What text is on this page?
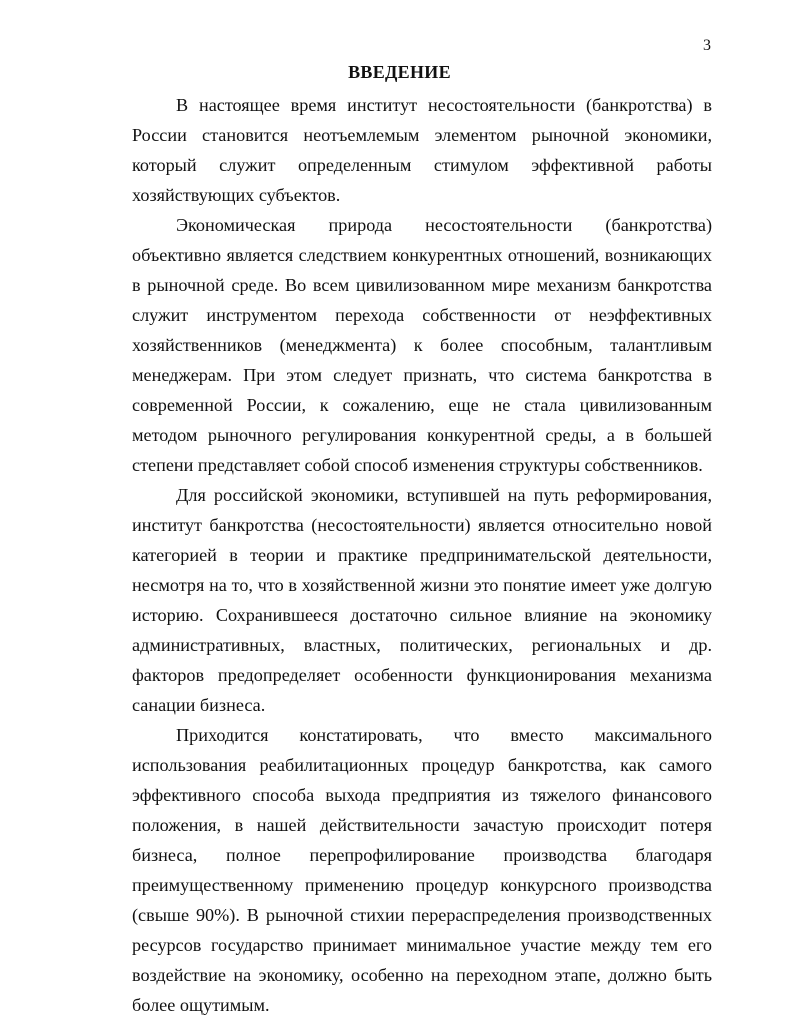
3
ВВЕДЕНИЕ

В настоящее время институт несостоятельности (банкротства) в России становится неотъемлемым элементом рыночной экономики, который служит определенным стимулом эффективной работы хозяйствующих субъектов.

Экономическая природа несостоятельности (банкротства) объективно является следствием конкурентных отношений, возникающих в рыночной среде. Во всем цивилизованном мире механизм банкротства служит инструментом перехода собственности от неэффективных хозяйственников (менеджмента) к более способным, талантливым менеджерам. При этом следует признать, что система банкротства в современной России, к сожалению, еще не стала цивилизованным методом рыночного регулирования конкурентной среды, а в большей степени представляет собой способ изменения структуры собственников.

Для российской экономики, вступившей на путь реформирования, институт банкротства (несостоятельности) является относительно новой категорией в теории и практике предпринимательской деятельности, несмотря на то, что в хозяйственной жизни это понятие имеет уже долгую историю. Сохранившееся достаточно сильное влияние на экономику административных, властных, политических, региональных и др. факторов предопределяет особенности функционирования механизма санации бизнеса.

Приходится констатировать, что вместо максимального использования реабилитационных процедур банкротства, как самого эффективного способа выхода предприятия из тяжелого финансового положения, в нашей действительности зачастую происходит потеря бизнеса, полное перепрофилирование производства благодаря преимущественному применению процедур конкурсного производства (свыше 90%). В рыночной стихии перераспределения производственных ресурсов государство принимает минимальное участие между тем его воздействие на экономику, особенно на переходном этапе, должно быть более ощутимым.
